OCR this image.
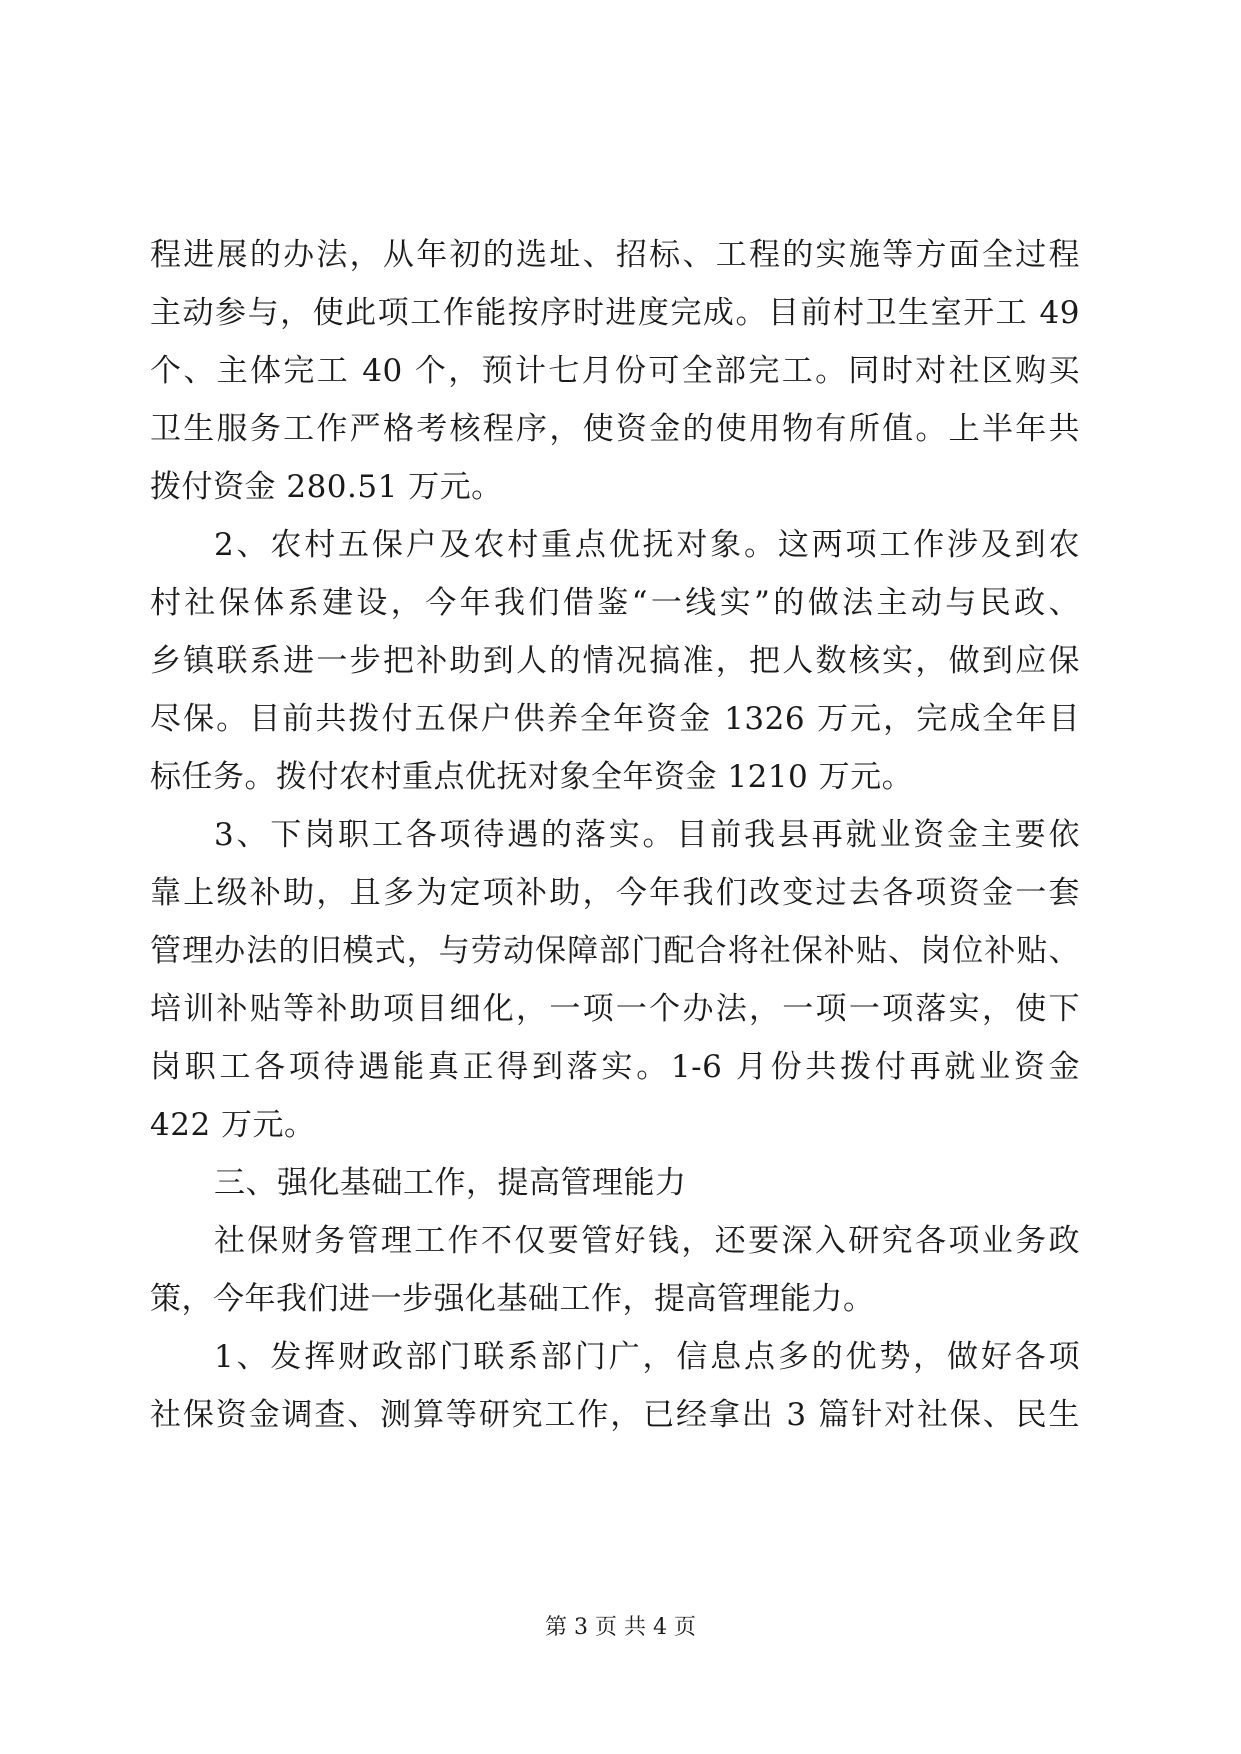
程进展的办法，从年初的选址、招标、工程的实施等方面全过程
主动参与，使此项工作能按序时进度完成。目前村卫生室开工 49
个、主体完工 40 个，预计七月份可全部完工。同时对社区购买
卫生服务工作严格考核程序，使资金的使用物有所值。上半年共
拨付资金 280.51 万元。
2、农村五保户及农村重点优抚对象。这两项工作涉及到农
村社保体系建设，今年我们借鉴“一线实”的做法主动与民政、
乡镇联系进一步把补助到人的情况搞准，把人数核实，做到应保
尽保。目前共拨付五保户供养全年资金 1326 万元，完成全年目
标任务。拨付农村重点优抚对象全年资金 1210 万元。
3、下岗职工各项待遇的落实。目前我县再就业资金主要依
靠上级补助，且多为定项补助，今年我们改变过去各项资金一套
管理办法的旧模式，与劳动保障部门配合将社保补贴、岗位补贴、
培训补贴等补助项目细化，一项一个办法，一项一项落实，使下
岗职工各项待遇能真正得到落实。1-6 月份共拨付再就业资金
422 万元。
三、强化基础工作，提高管理能力
社保财务管理工作不仅要管好钱，还要深入研究各项业务政
策，今年我们进一步强化基础工作，提高管理能力。
1、发挥财政部门联系部门广，信息点多的优势，做好各项
社保资金调查、测算等研究工作，已经拿出 3 篇针对社保、民生
第 3 页 共 4 页
